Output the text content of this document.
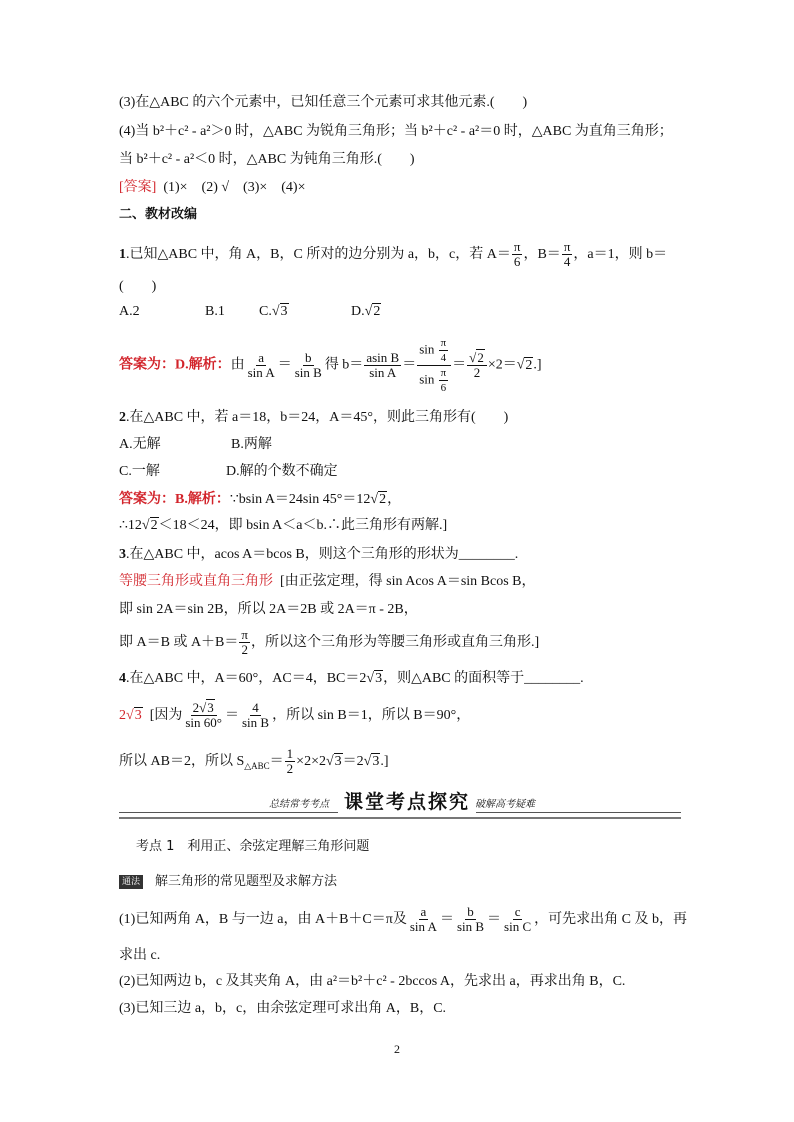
(3)在△ABC 的六个元素中，已知任意三个元素可求其他元素.(　　)
(4)当 b²＋c² - a²＞0 时，△ABC 为锐角三角形；当 b²＋c² - a²＝0 时，△ABC 为直角三角形；
当 b²＋c² - a²＜0 时，△ABC 为钝角三角形.(　　)
[答案] (1)×　(2) √　(3)×　(4)×
二、教材改编
1.已知△ABC 中，角 A，B，C 所对的边分别为 a，b，c，若 $A= \frac{\pi}{6}$ ，$B= \frac{\pi}{4}$ ，a＝1，则 b＝
(　　)
A.2	B.1 C.√3	D.√2
答案为：D.解析：由 $\frac{a}{\text{sin A}} = \frac{b}{\text{sin B}}$ 得 $b= \frac{\text{asin B}}{\text{sin A}} = \frac{\sin \frac{\pi}{4}}{\sin \frac{\pi}{6}} = \frac{√2}{2} \times 2=√2$.]
2.在△ABC 中，若 a＝18，b＝24，A＝45°，则此三角形有(　　)
A.无解	B.两解
C.一解	D.解的个数不确定
答案为：B.解析：∵bsin A＝24sin 45°＝12√2，
∴12√2＜18＜24，即 bsin A＜a＜b.∴此三角形有两解.]
3.在△ABC 中，acos A＝bcos B，则这个三角形的形状为________.
等腰三角形或直角三角形 [由正弦定理，得 sin Acos A＝sin Bcos B，
即 sin 2A＝sin 2B，所以 2A＝2B 或 2A＝π - 2B，
即 A＝B 或 $A+B= \frac{\pi}{2}$ ，所以这个三角形为等腰三角形或直角三角形.]
4.在△ABC 中，A＝60°，AC＝4，BC＝2√3，则△ABC 的面积等于________.
2√3 [因为 $\frac{2√3}{\sin 60^\circ} = \frac{4}{\text{sin B}}$ ，所以 sin B＝1，所以 B＝90°，
所以 AB＝2，所以 $S_{\triangle ABC}= \frac{1}{2} \times 2\times 2√3=2√3$.]
总结常考考点 课堂考点探究 破解高考疑难
考点 1　利用正、余弦定理解三角形问题
通法 解三角形的常见题型及求解方法
(1)已知两角 A，B 与一边 a，由 A＋B＋C＝π及 $\frac{a}{\text{sin A}} = \frac{b}{\text{sin B}} = \frac{c}{\text{sin C}}$ ，可先求出角 C 及 b，再
求出 c.
(2)已知两边 b，c 及其夹角 A，由 a²＝b²＋c² - 2bccos A，先求出 a，再求出角 B，C.
(3)已知三边 a，b，c，由余弦定理可求出角 A，B，C.
2
